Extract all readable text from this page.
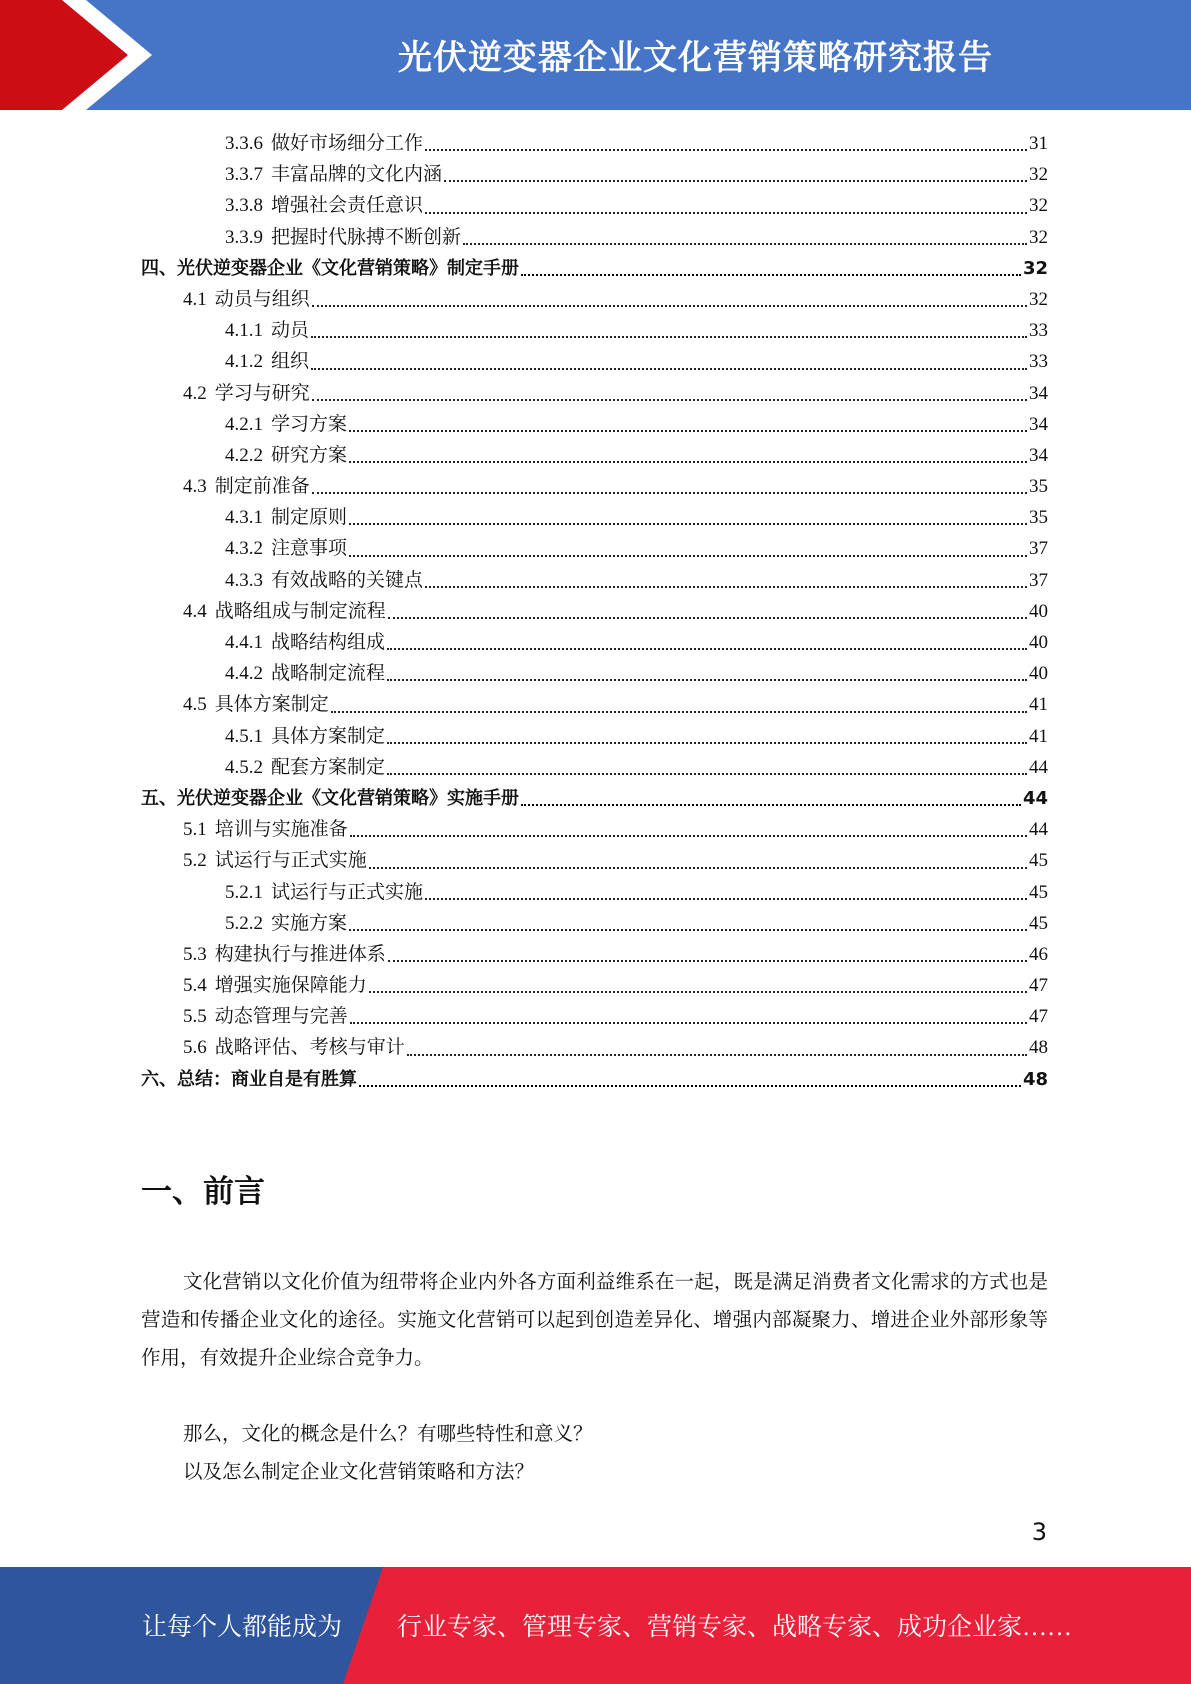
光伏逆变器企业文化营销策略研究报告
3.3.6 做好市场细分工作	31
3.3.7 丰富品牌的文化内涵	32
3.3.8 增强社会责任意识	32
3.3.9 把握时代脉搏不断创新	32
四、光伏逆变器企业《文化营销策略》制定手册	32
4.1 动员与组织	32
4.1.1 动员	33
4.1.2 组织	33
4.2 学习与研究	34
4.2.1 学习方案	34
4.2.2 研究方案	34
4.3 制定前准备	35
4.3.1 制定原则	35
4.3.2 注意事项	37
4.3.3 有效战略的关键点	37
4.4 战略组成与制定流程	40
4.4.1 战略结构组成	40
4.4.2 战略制定流程	40
4.5 具体方案制定	41
4.5.1 具体方案制定	41
4.5.2 配套方案制定	44
五、光伏逆变器企业《文化营销策略》实施手册	44
5.1 培训与实施准备	44
5.2 试运行与正式实施	45
5.2.1 试运行与正式实施	45
5.2.2 实施方案	45
5.3 构建执行与推进体系	46
5.4 增强实施保障能力	47
5.5 动态管理与完善	47
5.6 战略评估、考核与审计	48
六、总结：商业自是有胜算	48
一、前言

文化营销以文化价值为纽带将企业内外各方面利益维系在一起，既是满足消费者文化需求的方式也是营造和传播企业文化的途径。实施文化营销可以起到创造差异化、增强内部凝聚力、增进企业外部形象等作用，有效提升企业综合竞争力。

那么，文化的概念是什么？有哪些特性和意义？

以及怎么制定企业文化营销策略和方法？

3
让每个人都能成为 行业专家、管理专家、营销专家、战略专家、成功企业家……
